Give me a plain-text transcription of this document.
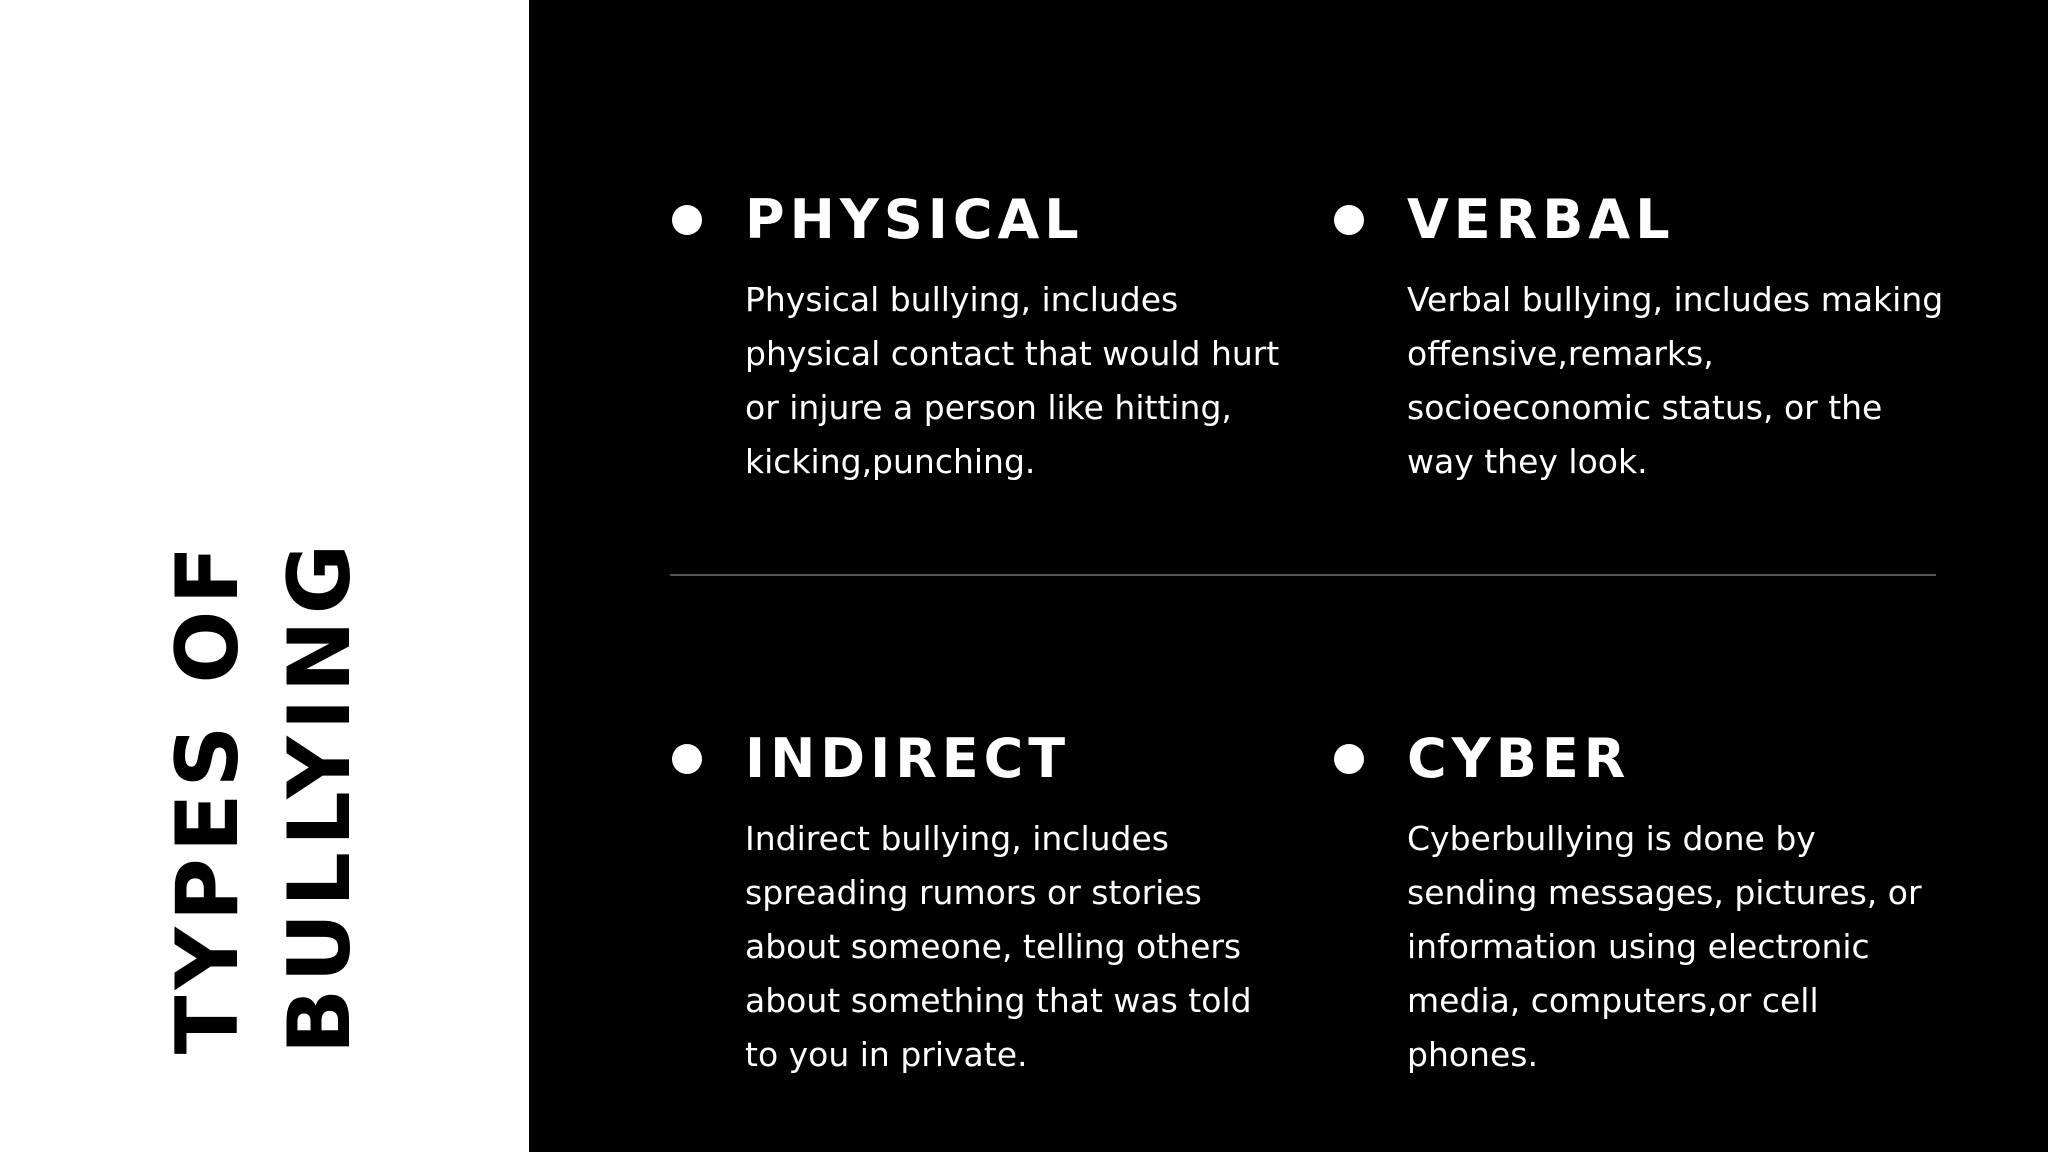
TYPES OF BULLYING
PHYSICAL

Physical bullying, includes physical contact that would hurt or injure a person like hitting, kicking,punching.

VERBAL

Verbal bullying, includes making offensive,remarks, socioeconomic status, or the way they look.

INDIRECT

Indirect bullying, includes spreading rumors or stories about someone, telling others about something that was told to you in private.

CYBER

Cyberbullying is done by sending messages, pictures, or information using electronic media, computers,or cell phones.
